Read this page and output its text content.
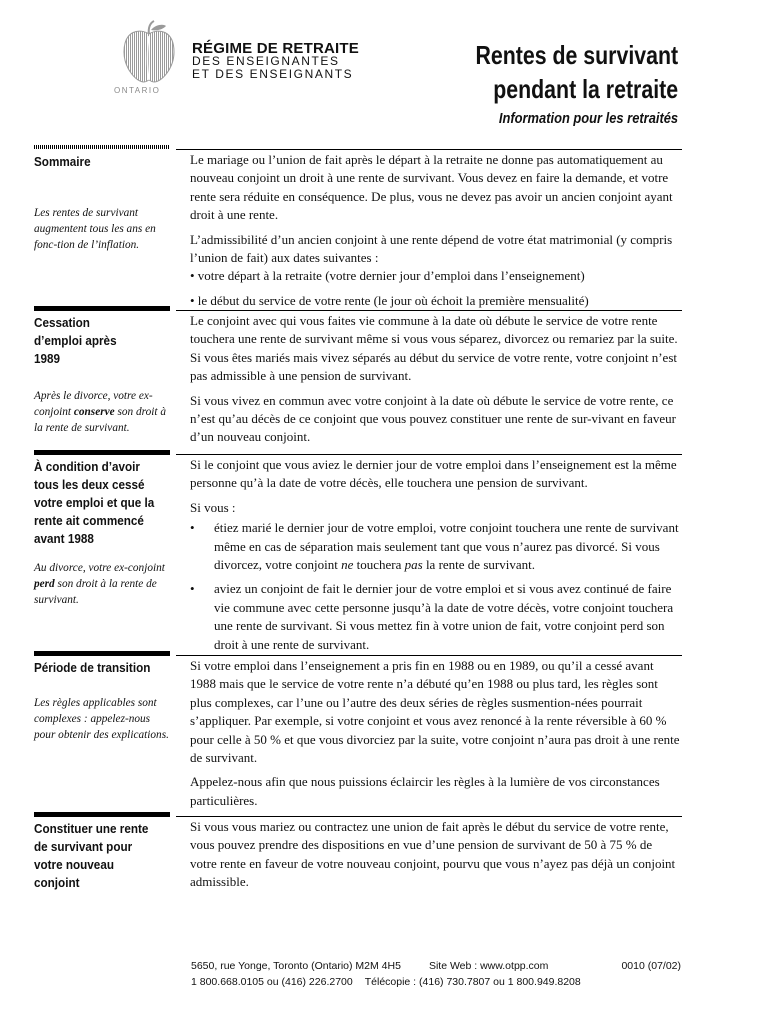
ONTARIO
RÉGIME DE RETRAITE
DES ENSEIGNANTES
ET DES ENSEIGNANTS
Rentes de survivant
pendant la retraite
Information pour les retraités
Sommaire
Les rentes de survivant augmentent tous les ans en fonc-tion de l’inflation.

Le mariage ou l’union de fait après le départ à la retraite ne donne pas automatiquement au nouveau conjoint un droit à une rente de survivant. Vous devez en faire la demande, et votre rente sera réduite en conséquence. De plus, vous ne devez pas avoir un ancien conjoint ayant droit à une rente.

L’admissibilité d’un ancien conjoint à une rente dépend de votre état matrimonial (y compris l’union de fait) aux dates suivantes :

• votre départ à la retraite (votre dernier jour d’emploi dans l’enseignement)

• le début du service de votre rente (le jour où échoit la première mensualité)

Cessation d’emploi après 1989
Après le divorce, votre ex-conjoint conserve son droit à la rente de survivant.

Le conjoint avec qui vous faites vie commune à la date où débute le service de votre rente touchera une rente de survivant même si vous vous séparez, divorcez ou remariez par la suite. Si vous êtes mariés mais vivez séparés au début du service de votre rente, votre conjoint n’est pas admissible à une pension de survivant.

Si vous vivez en commun avec votre conjoint à la date où débute le service de votre rente, ce n’est qu’au décès de ce conjoint que vous pouvez constituer une rente de sur-vivant en faveur d’un nouveau conjoint.

À condition d’avoir tous les deux cessé votre emploi et que la rente ait commencé avant 1988
Au divorce, votre ex-conjoint perd son droit à la rente de survivant.

Si le conjoint que vous aviez le dernier jour de votre emploi dans l’enseignement est la même personne qu’à la date de votre décès, elle touchera une pension de survivant.

Si vous :

•	étiez marié le dernier jour de votre emploi, votre conjoint touchera une rente de survivant même en cas de séparation mais seulement tant que vous n’aurez pas divorcé. Si vous divorcez, votre conjoint ne touchera pas la rente de survivant.
•	aviez un conjoint de fait le dernier jour de votre emploi et si vous avez continué de faire vie commune avec cette personne jusqu’à la date de votre décès, votre conjoint touchera une rente de survivant. Si vous mettez fin à votre union de fait, votre conjoint perd son droit à une rente de survivant.
Période de transition
Les règles applicables sont complexes : appelez-nous pour obtenir des explications.

Si votre emploi dans l’enseignement a pris fin en 1988 ou en 1989, ou qu’il a cessé avant 1988 mais que le service de votre rente n’a débuté qu’en 1988 ou plus tard, les règles sont plus complexes, car l’une ou l’autre des deux séries de règles susmention-nées pourrait s’appliquer. Par exemple, si votre conjoint et vous avez renoncé à la rente réversible à 60 % pour celle à 50 % et que vous divorciez par la suite, votre conjoint n’aura pas droit à une rente de survivant.

Appelez-nous afin que nous puissions éclaircir les règles à la lumière de vos circonstances particulières.

Constituer une rente de survivant pour votre nouveau conjoint

Si vous vous mariez ou contractez une union de fait après le début du service de votre rente, vous pouvez prendre des dispositions en vue d’une pension de survivant de 50 à 75 % de votre rente en faveur de votre nouveau conjoint, pourvu que vous n’ayez pas déjà un conjoint admissible.

5650, rue Yonge, Toronto (Ontario) M2M 4H5	Site Web : www.otpp.com
1 800.668.0105 ou (416) 226.2700 Télécopie : (416) 730.7807 ou 1 800.949.8208
0010 (07/02)
